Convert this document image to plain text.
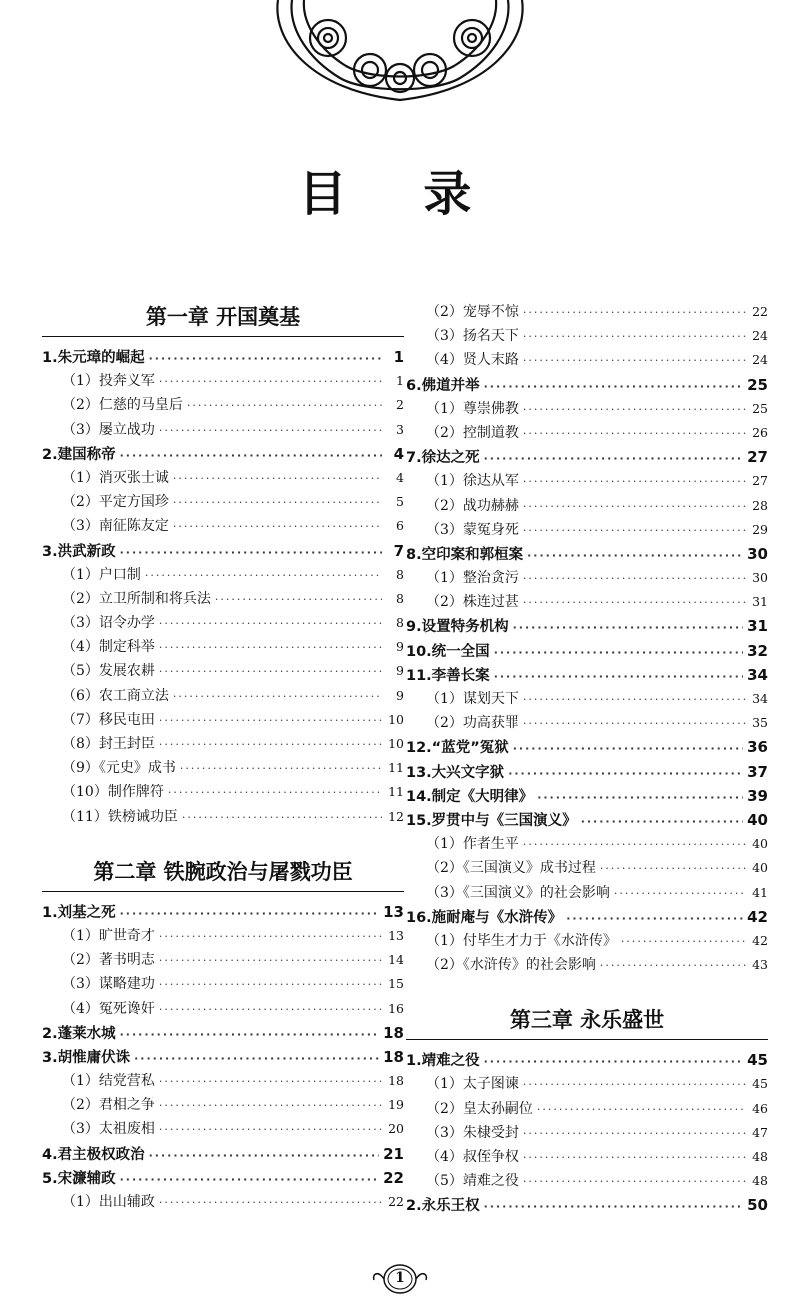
目 录
第一章 开国奠基
1.朱元璋的崛起 ·····	1
（1）投奔义军 ·····	1
（2）仁慈的马皇后 ·····	2
（3）屡立战功 ·····	3
2.建国称帝 ·····	4
（1）消灭张士诚 ·····	4
（2）平定方国珍 ·····	5
（3）南征陈友定 ·····	6
3.洪武新政 ·····	7
（1）户口制 ·····	8
（2）立卫所制和将兵法 ·····	8
（3）诏令办学 ·····	8
（4）制定科举 ·····	9
（5）发展农耕 ·····	9
（6）农工商立法 ·····	9
（7）移民屯田 ·····	10
（8）封王封臣 ·····	10
（9）《元史》成书 ·····	11
（10）制作牌符 ·····	11
（11）铁榜诫功臣 ·····	12
第二章 铁腕政治与屠戮功臣
1.刘基之死 ·····	13
（1）旷世奇才 ·····	13
（2）著书明志 ·····	14
（3）谋略建功 ·····	15
（4）冤死谗奸 ·····	16
2.蓬莱水城 ·····	18
3.胡惟庸伏诛 ·····	18
（1）结党营私 ·····	18
（2）君相之争 ·····	19
（3）太祖废相 ·····	20
4.君主极权政治 ·····	21
5.宋濂辅政 ·····	22
（1）出山辅政 ·····	22
（2）宠辱不惊 ·····	22
（3）扬名天下 ·····	24
（4）贤人末路 ·····	24
6.佛道并举 ·····	25
（1）尊崇佛教 ·····	25
（2）控制道教 ·····	26
7.徐达之死 ·····	27
（1）徐达从军 ·····	27
（2）战功赫赫 ·····	28
（3）蒙冤身死 ·····	29
8.空印案和郭桓案 ·····	30
（1）整治贪污 ·····	30
（2）株连过甚 ·····	31
9.设置特务机构 ·····	31
10.统一全国 ·····	32
11.李善长案 ·····	34
（1）谋划天下 ·····	34
（2）功高获罪 ·····	35
12.“蓝党”冤狱 ·····	36
13.大兴文字狱 ·····	37
14.制定《大明律》 ·····	39
15.罗贯中与《三国演义》 ·····	40
（1）作者生平 ·····	40
（2）《三国演义》成书过程 ·····	40
（3）《三国演义》的社会影响 ·····	41
16.施耐庵与《水浒传》 ·····	42
（1）付毕生才力于《水浒传》 ·····	42
（2）《水浒传》的社会影响 ·····	43
第三章 永乐盛世
1.靖难之役 ·····	45
（1）太子图谏 ·····	45
（2）皇太孙嗣位 ·····	46
（3）朱棣受封 ·····	47
（4）叔侄争权 ·····	48
（5）靖难之役 ·····	48
2.永乐王权 ·····	50
1
